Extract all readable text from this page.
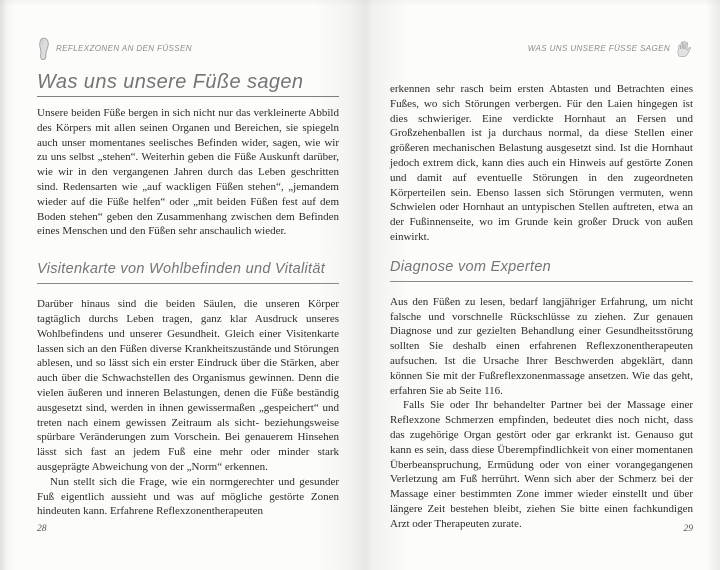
REFLEXZONEN AN DEN FÜSSEN
Was uns unsere Füße sagen

Unsere beiden Füße bergen in sich nicht nur das verkleinerte Abbild des Körpers mit allen seinen Organen und Bereichen, sie spiegeln auch unser momentanes seelisches Befinden wider, sagen, wie wir zu uns selbst „stehen“. Weiterhin geben die Füße Auskunft darüber, wie wir in den vergangenen Jahren durch das Leben geschritten sind. Redensarten wie „auf wackligen Füßen stehen“, „jemandem wieder auf die Füße helfen“ oder „mit beiden Füßen fest auf dem Boden stehen“ geben den Zusammenhang zwischen dem Befinden eines Menschen und den Füßen sehr anschaulich wieder.

Visitenkarte von Wohlbefinden und Vitalität

Darüber hinaus sind die beiden Säulen, die unseren Körper tagtäglich durchs Leben tragen, ganz klar Ausdruck unseres Wohlbefindens und unserer Gesundheit. Gleich einer Visitenkarte lassen sich an den Füßen diverse Krankheitszustände und Störungen ablesen, und so lässt sich ein erster Eindruck über die Stärken, aber auch über die Schwachstellen des Organismus gewinnen. Denn die vielen äußeren und inneren Belastungen, denen die Füße beständig ausgesetzt sind, werden in ihnen gewissermaßen „gespeichert“ und treten nach einem gewissen Zeitraum als sicht- beziehungsweise spürbare Veränderungen zum Vorschein. Bei genauerem Hinsehen lässt sich fast an jedem Fuß eine mehr oder minder stark ausgeprägte Abweichung von der „Norm“ erkennen.

Nun stellt sich die Frage, wie ein normgerechter und gesunder Fuß eigentlich aussieht und was auf mögliche gestörte Zonen hindeuten kann. Erfahrene Reflexzonentherapeuten

WAS UNS UNSERE FÜSSE SAGEN

erkennen sehr rasch beim ersten Abtasten und Betrachten eines Fußes, wo sich Störungen verbergen. Für den Laien hingegen ist dies schwieriger. Eine verdickte Hornhaut an Fersen und Großzehenballen ist ja durchaus normal, da diese Stellen einer größeren mechanischen Belastung ausgesetzt sind. Ist die Hornhaut jedoch extrem dick, kann dies auch ein Hinweis auf gestörte Zonen und damit auf eventuelle Störungen in den zugeordneten Körperteilen sein. Ebenso lassen sich Störungen vermuten, wenn Schwielen oder Hornhaut an untypischen Stellen auftreten, etwa an der Fußinnenseite, wo im Grunde kein großer Druck von außen einwirkt.

Diagnose vom Experten

Aus den Füßen zu lesen, bedarf langjähriger Erfahrung, um nicht falsche und vorschnelle Rückschlüsse zu ziehen. Zur genauen Diagnose und zur gezielten Behandlung einer Gesundheitsstörung sollten Sie deshalb einen erfahrenen Reflexzonentherapeuten aufsuchen. Ist die Ursache Ihrer Beschwerden abgeklärt, dann können Sie mit der Fußreflexzonenmassage ansetzen. Wie das geht, erfahren Sie ab Seite 116.

Falls Sie oder Ihr behandelter Partner bei der Massage einer Reflexzone Schmerzen empfinden, bedeutet dies noch nicht, dass das zugehörige Organ gestört oder gar erkrankt ist. Genauso gut kann es sein, dass diese Überempfindlichkeit von einer momentanen Überbeanspruchung, Ermüdung oder von einer vorangegangenen Verletzung am Fuß herrührt. Wenn sich aber der Schmerz bei der Massage einer bestimmten Zone immer wieder einstellt und über längere Zeit bestehen bleibt, ziehen Sie bitte einen fachkundigen Arzt oder Therapeuten zurate.

28	29
